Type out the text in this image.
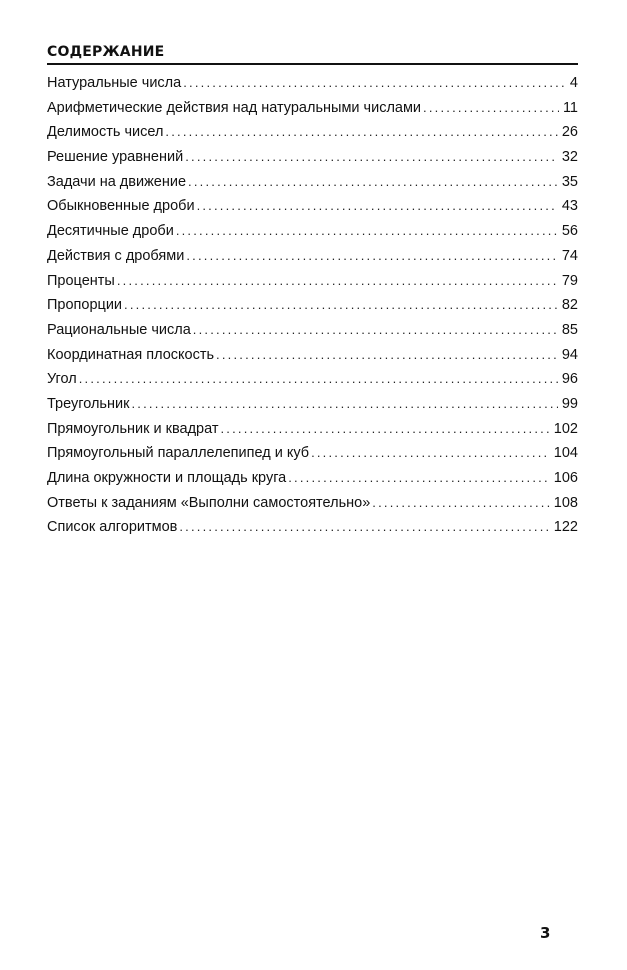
СОДЕРЖАНИЕ
Натуральные числа .....	4
Арифметические действия над натуральными числами .....	11
Делимость чисел .....	26
Решение уравнений .....	32
Задачи на движение .....	35
Обыкновенные дроби .....	43
Десятичные дроби .....	56
Действия с дробями .....	74
Проценты .....	79
Пропорции .....	82
Рациональные числа .....	85
Координатная плоскость .....	94
Угол .....	96
Треугольник .....	99
Прямоугольник и квадрат .....	102
Прямоугольный параллелепипед и куб .....	104
Длина окружности и площадь круга .....	106
Ответы к заданиям «Выполни самостоятельно» .....	108
Список алгоритмов .....	122
3
